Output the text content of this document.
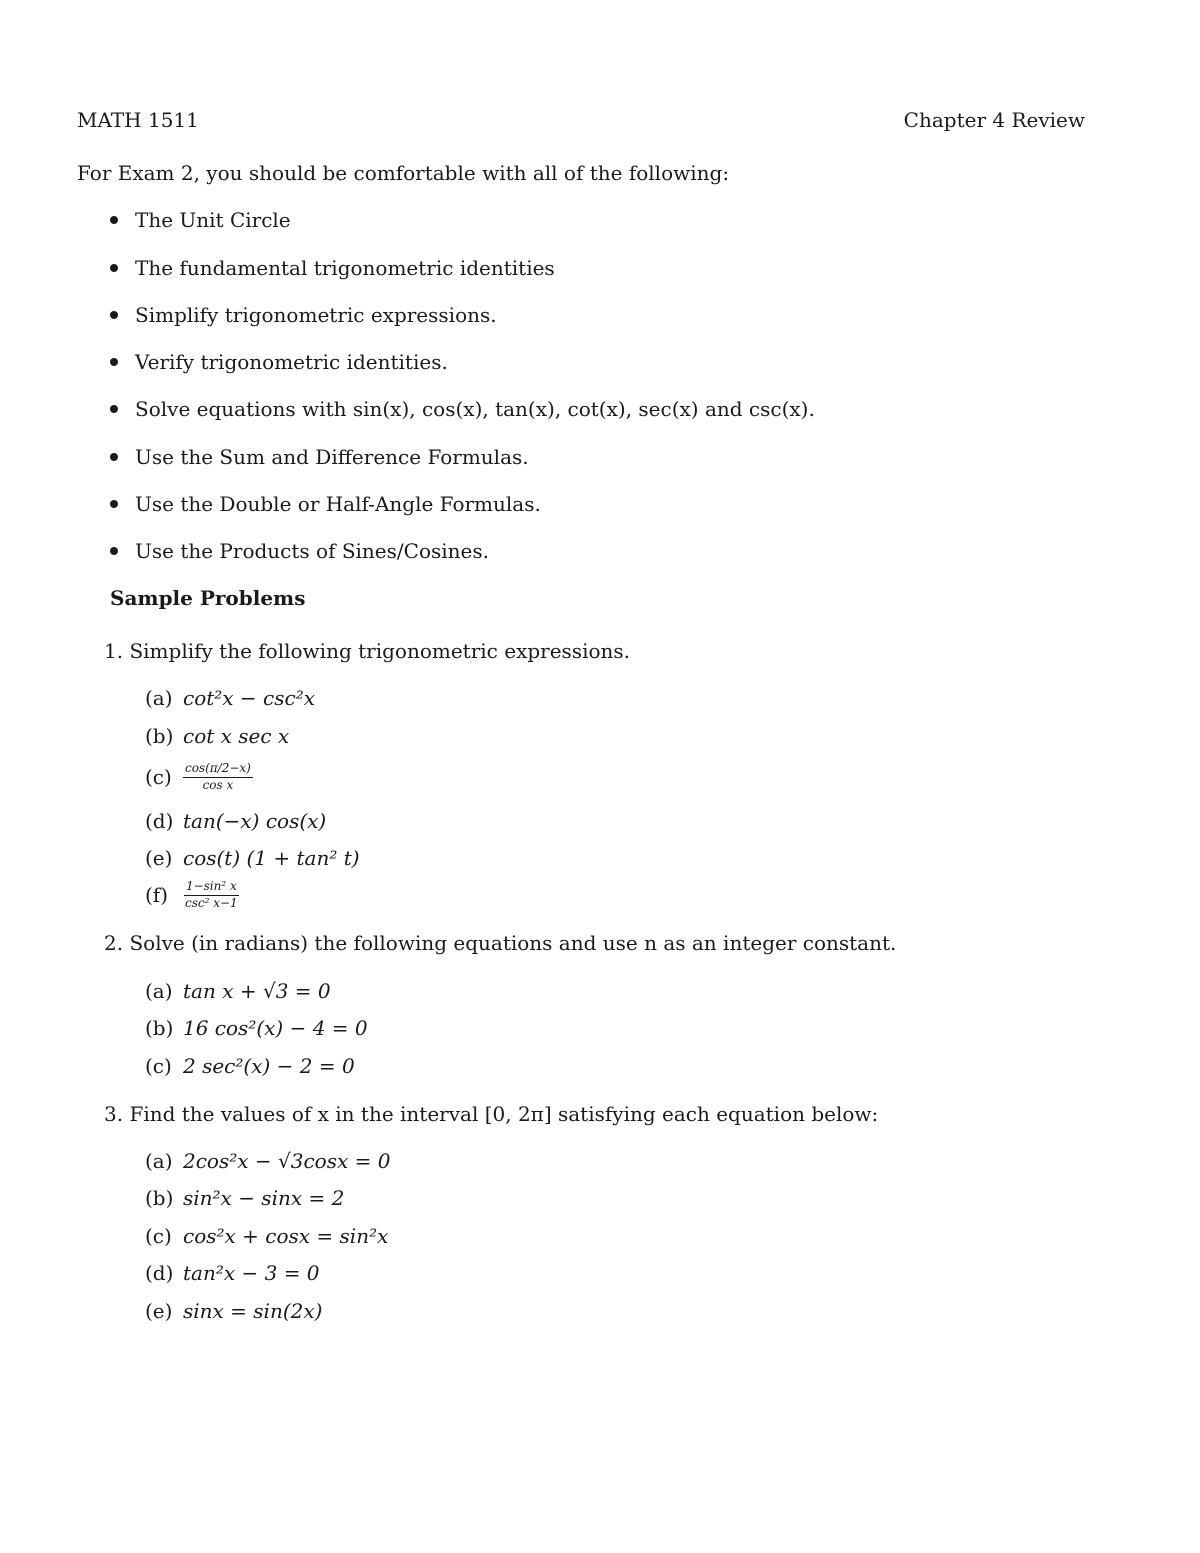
MATH 1511	Chapter 4 Review
For Exam 2, you should be comfortable with all of the following:
The Unit Circle
The fundamental trigonometric identities
Simplify trigonometric expressions.
Verify trigonometric identities.
Solve equations with sin(x), cos(x), tan(x), cot(x), sec(x) and csc(x).
Use the Sum and Difference Formulas.
Use the Double or Half-Angle Formulas.
Use the Products of Sines/Cosines.
Sample Problems
1. Simplify the following trigonometric expressions.
(a) cot²x − csc²x
(b) cot x sec x
$(c) \frac{\cos(\pi/2-x)}{\text{cos x}}$
(d) tan(−x) cos(x)
(e) cos(t) (1 + tan² t)
$(f) \frac{\text{1−sin² x}}{\text{csc² x−1}}$
2. Solve (in radians) the following equations and use n as an integer constant.
(a) tan x + √3 = 0
(b) 16 cos²(x) − 4 = 0
(c) 2 sec²(x) − 2 = 0
3. Find the values of x in the interval [0, 2π] satisfying each equation below:
(a) 2cos²x − √3cosx = 0
(b) sin²x − sinx = 2
(c) cos²x + cosx = sin²x
(d) tan²x − 3 = 0
(e) sinx = sin(2x)
